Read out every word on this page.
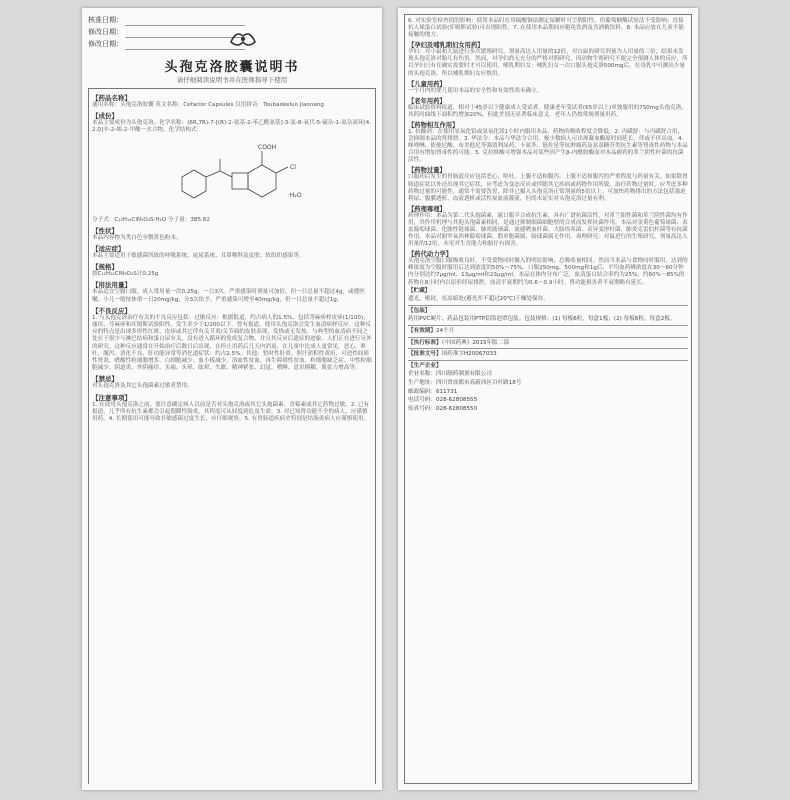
核准日期：
修改日期：
修改日期：
头孢克洛胶囊说明书
请仔细阅读说明书并在医师指导下使用
【药品名称】
通用名称：头孢克洛胶囊 英文名称：Cefaclor Capsules 汉语拼音：Toubaokeluo Jiaonang
【成份】
本品主要成份为头孢克洛。化学名称：(6R,7R)-7-[(R)-2-氨基-2-苯乙酰氨基]-3-氯-8-氧代-5-硫杂-1-氮杂双环[4.2.0]辛-2-烯-2-甲酸一水合物。化学结构式：
COOH
Cl
·H₂O
分子式：C₁₅H₁₄ClN₃O₄S·H₂O 分子量：385.82
【性状】
本品内容物为类白色至微黄色粉末。
【适应症】
本品主要适用于敏感菌所致的呼吸系统、泌尿系统、耳鼻喉科及皮肤、软组织感染等。
【规格】
按C₁₅H₁₄ClN₃O₄S计0.25g
【用法用量】
本品适宜空腹口服。成人常用量一次0.25g，一日3次。严重感染时剂量可加倍，但一日总量不超过4g，或遵医嘱。小儿一般按体重一日20mg/kg，分3次给予。严重感染可增至40mg/kg，但一日总量不超过1g。
【不良反应】
1. 与头孢克洛治疗有关的不良反应包括：过敏反应：根据报道，约占病人的1.5%，包括荨麻疹样皮疹(1/100)、瘙痒、荨麻疹和库姆斯试验阳性。发生率少于1/200以下。曾有报道，使用头孢克洛会发生血清病样反应。这种反应的特点是出现多形性红斑、皮疹或其它伴有关节炎/关节痛的皮肤表现，发热或无发热。与典型的血清病不同之处在于很少与淋巴结病和蛋白尿有关，没有进入循环的免疫复合物，并且其反应后遗症的迹象。人们正在进行另外的研究。这种反应通常在开始治疗后数日后出现，在停止用药后几天内消退。在儿童中比成人更常见。恶心、呕吐、腹泻、消化不良、肝功能异常等消化道症状：约占2.5%。其他：暂时性肝炎、胆汁淤积性黄疸、可逆性间质性肾炎、嗜酸性粒细胞增多、白细胞减少、血小板减少、溶血性贫血、再生障碍性贫血、粒细胞缺乏症、中性粒细胞减少、阴道炎、外阴瘙痒、头痛、头晕、眩晕、失眠、精神紧张、幻觉、嗜睡、意识模糊、肌张力增高等。
【禁忌】
对头孢克洛及其它头孢菌素过敏者禁用。
【注意事项】
1. 在使用头孢克洛之前，要注意确定病人以前是否对头孢克洛或其它头孢菌素、青霉素或其它药物过敏。2. 已有报道，几乎所有抗生素都会引起假膜性肠炎，其程度可从轻度到危及生命。3. 对已知肾功能不全的病人，应谨慎用药。4. 长期使用可能导致非敏感菌过度生长，应仔细观察。5. 有胃肠道疾病史特别是结肠炎病人应谨慎使用。
6. 对实验室检查值的影响：使用本品时在用硫酸铜法测定尿糖时可呈假阳性，但葡萄糖酶试验法不受影响；直接抗人球蛋白试验(库姆斯试验)可出现阳性。7. 在使用本品期间应避免饮酒及含酒精饮料。8. 本品应放在儿童不能接触的地方。
【孕妇及哺乳期妇女用药】
孕妇：对小鼠和大鼠进行多次繁殖研究，剂量高达人用量的12倍，对白鼠的研究剂量为人用量的三倍，结果未发现头孢克洛对胎儿有伤害。然而，对孕妇尚无充分的严格对照研究，因动物生殖研究不能完全预测人体的反应，所以孕妇只有在确实需要时才可以使用。哺乳期妇女：哺乳妇女一次口服头孢克洛500mg后，在母乳中可测出少量的头孢克洛，所以哺乳期妇女应慎用。
【儿童用药】
一个月内的婴儿使用本品的安全性和有效性尚未确立。
【老年用药】
临床试验资料报道，相对于45岁以下健康成人受试者，健康老年受试者(65岁以上)单独服用的750mg头孢克洛，其药时曲线下面积约增加20%，但此差别无显著临床意义，老年人仍按常规剂量用药。
【药物相互作用】
1. 抗酸剂：在使用氢氧化铝或氢氧化镁1小时内服用本品，药物的吸收程度会降低。2. 丙磺舒：与丙磺舒合用，会抑制本品的肾排泄。3. 华法令：本品与华法令合用，极少数病人可出现凝血酶原时间延长，伴或不伴出血。4. 咪喹啉、依他尼酸、布美他尼等强效利尿药、卡氮芥、链佐星等抗肿瘤药及氨基糖苷类抗生素等肾毒性药物与本品合用有增加肾毒性的可能。5. 克拉维酸可增强本品对某些因产生β-内酰胺酶而对本品耐药的革兰阴性杆菌的抗菌活性。
【药物过量】
口服药后发生的胃肠道反应包括恶心、呕吐、上腹不适和腹泻。上腹不适和腹泻的严重程度与药量有关。如果除胃肠道症状以外还出现其它症状，应考虑为变态反应或伴随其它疾病或药物作用所致。治疗药物过量时，应考虑多种药物过量的可能性。通常不需要洗胃，除非已摄入头孢克洛正常剂量的5倍以上。可加快药物排出的方法包括强迫利尿、腹膜透析、血液透析或活性炭血液灌流，但尚未证实对头孢克洛过量有利。
【药理毒理】
药理作用：本品为第二代头孢菌素，属口服半合成抗生素，具有广谱抗菌活性，对革兰阳性菌和革兰阴性菌均有作用，其作用机理与其他头孢菌素相同，是通过抑制细菌细胞壁的合成而发挥抗菌作用。本品对金黄色葡萄球菌、表皮葡萄球菌、化脓性链球菌、肺炎链球菌、流感嗜血杆菌、大肠埃希菌、奇异变形杆菌、肺炎克雷伯杆菌等有抗菌作用。本品对耐甲氧西林葡萄球菌、假单胞菌属、肠球菌属无作用。毒理研究：对鼠进行的生殖研究，剂量高达人用量的12倍，未见对生育能力和胎仔有损害。
【药代动力学】
头孢克洛空腹口服吸收良好，不受食物同时摄入的明显影响，总吸收量相同。然而当本品与食物同时服用，达到的峰浓度为空腹时服用后达到浓度的50%～75%。口服250mg、500mg和1g后，平均血药峰浓度在30～60分钟内分别达约7μg/ml、13μg/ml和23μg/ml。本品在体内分布广泛，血清蛋白结合率约为25%。约60%～85%的药物在8小时内以原形经尿排泄，血清半衰期约为0.6～0.9小时。肾功能损害者半衰期略有延长。
【贮藏】
遮光，密封，在凉暗处(避光并不超过20℃)干燥处保存。
【包装】
药用PVC硬片、药品包装用PTP铝箔泡罩包装。包装规格：(1) 每板6粒，每盒1板；(2) 每板6粒，每盒2板。
【有效期】24个月
【执行标准】《中国药典》2015年版二部
【批准文号】国药准字H20067033
【生产企业】
企业名称：四川制药制剂有限公司
生产地址：四川省成都市高新西区百叶路18号
邮政编码：611731
电话号码：028-62808555
传真号码：028-62808550
